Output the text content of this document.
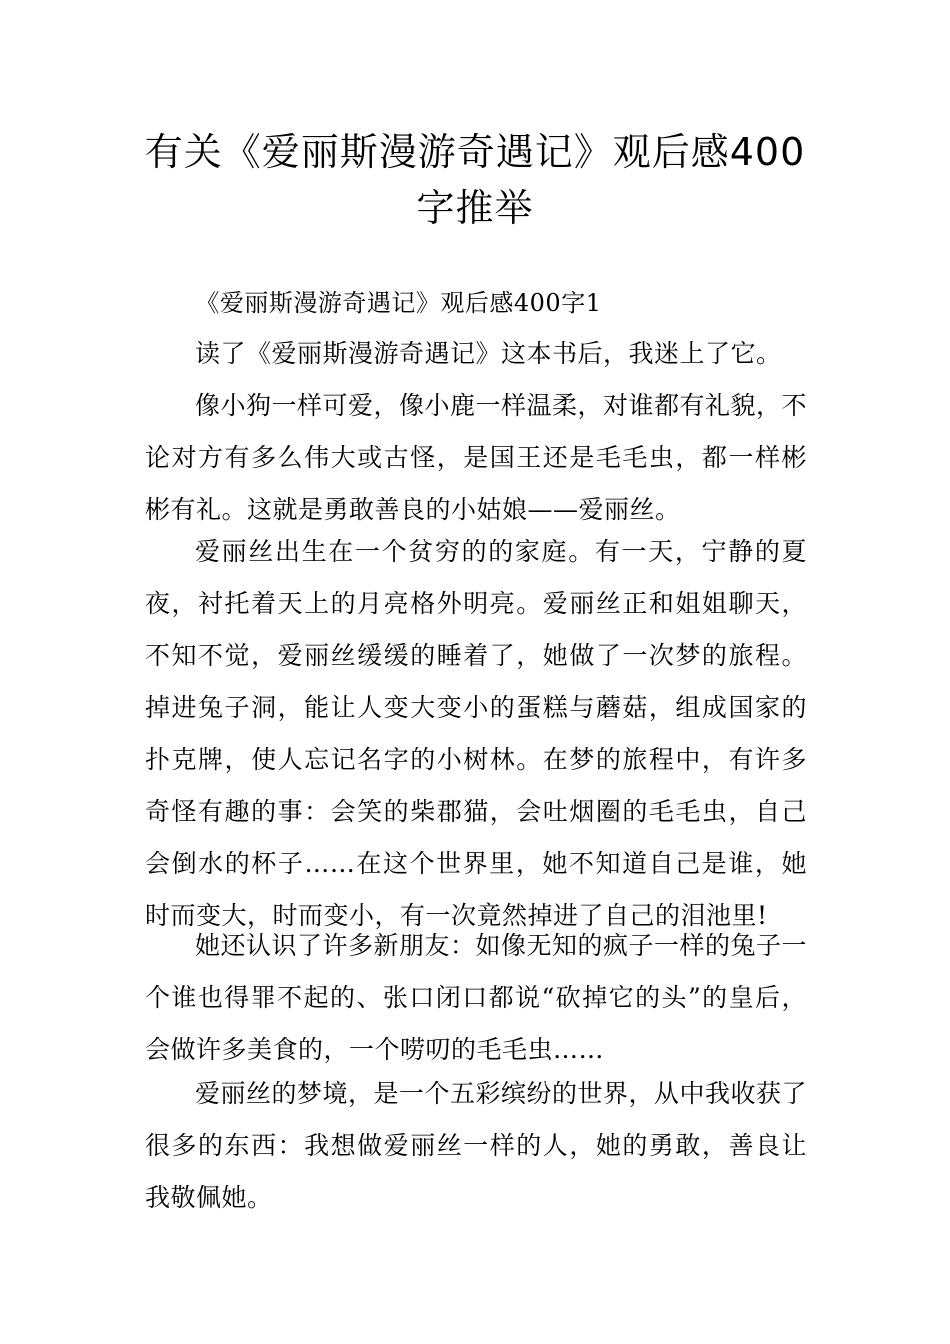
有关《爱丽斯漫游奇遇记》观后感400字推举

《爱丽斯漫游奇遇记》观后感400字1

读了《爱丽斯漫游奇遇记》这本书后，我迷上了它。

像小狗一样可爱，像小鹿一样温柔，对谁都有礼貌，不论对方有多么伟大或古怪，是国王还是毛毛虫，都一样彬彬有礼。这就是勇敢善良的小姑娘——爱丽丝。

爱丽丝出生在一个贫穷的的家庭。有一天，宁静的夏夜，衬托着天上的月亮格外明亮。爱丽丝正和姐姐聊天，不知不觉，爱丽丝缓缓的睡着了，她做了一次梦的旅程。掉进兔子洞，能让人变大变小的蛋糕与蘑菇，组成国家的扑克牌，使人忘记名字的小树林。在梦的旅程中，有许多奇怪有趣的事：会笑的柴郡猫，会吐烟圈的毛毛虫，自己会倒水的杯子……在这个世界里，她不知道自己是谁，她时而变大，时而变小，有一次竟然掉进了自己的泪池里!

她还认识了许多新朋友：如像无知的疯子一样的兔子一个谁也得罪不起的、张口闭口都说“砍掉它的头”的皇后，会做许多美食的，一个唠叨的毛毛虫……

爱丽丝的梦境，是一个五彩缤纷的世界，从中我收获了很多的东西：我想做爱丽丝一样的人，她的勇敢，善良让我敬佩她。
